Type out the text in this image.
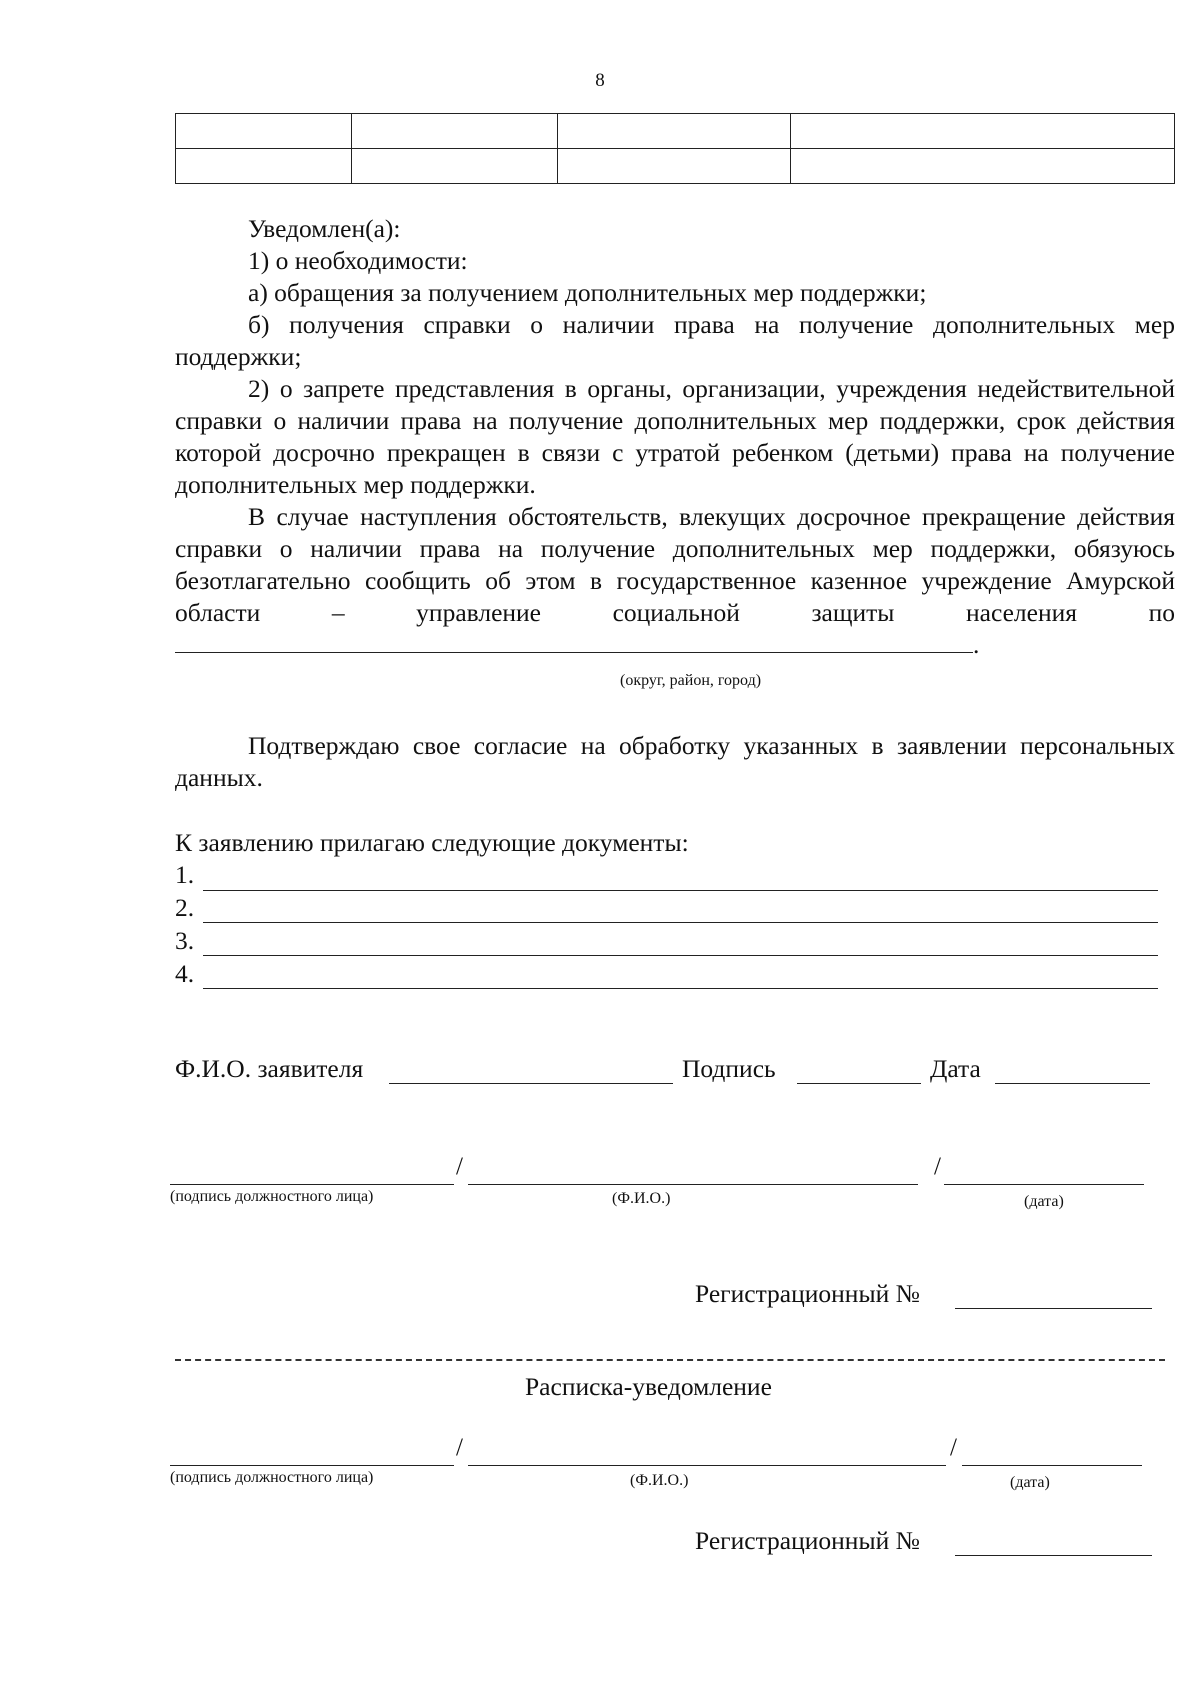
8

Уведомлен(а):

1) о необходимости:

а) обращения за получением дополнительных мер поддержки;

б) получения справки о наличии права на получение дополнительных мер поддержки;

2) о запрете представления в органы, организации, учреждения недействительной справки о наличии права на получение дополнительных мер поддержки, срок действия которой досрочно прекращен в связи с утратой ребенком (детьми) права на получение дополнительных мер поддержки.

В случае наступления обстоятельств, влекущих досрочное прекращение действия справки о наличии права на получение дополнительных мер поддержки, обязуюсь безотлагательно сообщить об этом в государственное казенное учреждение Амурской области – управление социальной защиты населения по .

(округ, район, город)

Подтверждаю свое согласие на обработку указанных в заявлении персональных данных.

К заявлению прилагаю следующие документы:
1.
2.
3.
4.
Ф.И.О. заявителя	Подпись	Дата
/	/
(подпись должностного лица)	(Ф.И.О.)	(дата)
Регистрационный №
Расписка-уведомление
/	/
(подпись должностного лица)	(Ф.И.О.)	(дата)
Регистрационный №
